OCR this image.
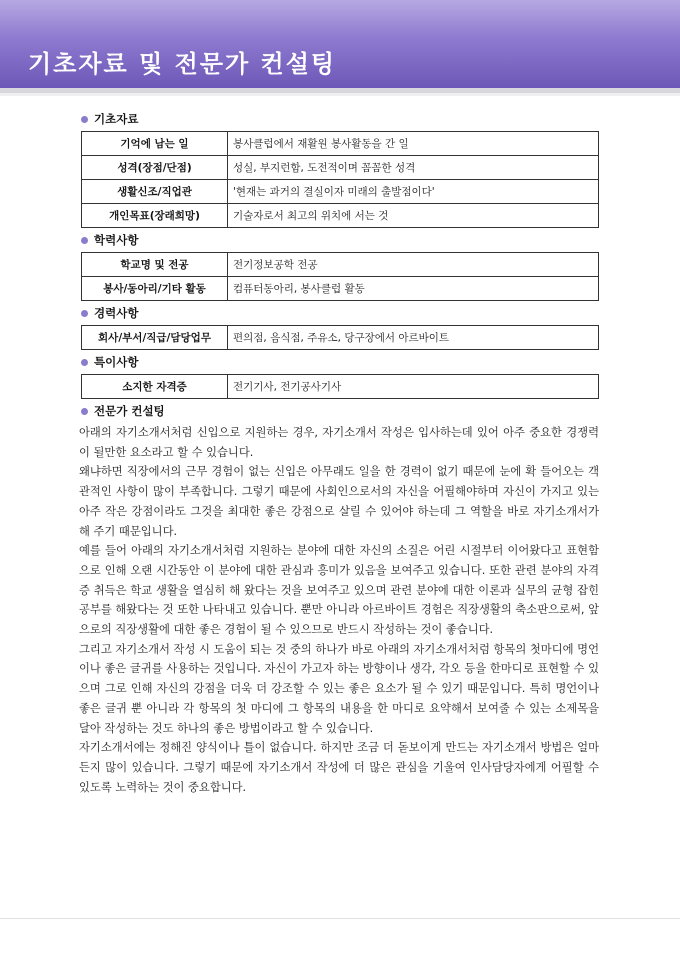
기초자료 및 전문가 컨설팅
기초자료
기억에 남는 일	봉사클럽에서 재활원 봉사활동을 간 일
성격(장점/단점)	성실, 부지런함, 도전적이며 꼼꼼한 성격
생활신조/직업관	'현재는 과거의 결실이자 미래의 출발점이다'
개인목표(장래희망)	기술자로서 최고의 위치에 서는 것
학력사항
학교명 및 전공	전기정보공학 전공
봉사/동아리/기타 활동	컴퓨터동아리, 봉사클럽 활동
경력사항
회사/부서/직급/담당업무	편의점, 음식점, 주유소, 당구장에서 아르바이트
특이사항
소지한 자격증	전기기사, 전기공사기사
전문가 컨설팅

아래의 자기소개서처럼 신입으로 지원하는 경우, 자기소개서 작성은 입사하는데 있어 아주 중요한 경쟁력이 될만한 요소라고 할 수 있습니다.

왜냐하면 직장에서의 근무 경험이 없는 신입은 아무래도 일을 한 경력이 없기 때문에 눈에 확 들어오는 객관적인 사항이 많이 부족합니다. 그렇기 때문에 사회인으로서의 자신을 어필해야하며 자신이 가지고 있는 아주 작은 강점이라도 그것을 최대한 좋은 강점으로 살릴 수 있어야 하는데 그 역할을 바로 자기소개서가 해 주기 때문입니다.

예를 들어 아래의 자기소개서처럼 지원하는 분야에 대한 자신의 소질은 어린 시절부터 이어왔다고 표현함으로 인해 오랜 시간동안 이 분야에 대한 관심과 흥미가 있음을 보여주고 있습니다. 또한 관련 분야의 자격증 취득은 학교 생활을 열심히 해 왔다는 것을 보여주고 있으며 관련 분야에 대한 이론과 실무의 균형 잡힌 공부를 해왔다는 것 또한 나타내고 있습니다. 뿐만 아니라 아르바이트 경험은 직장생활의 축소판으로써, 앞으로의 직장생활에 대한 좋은 경험이 될 수 있으므로 반드시 작성하는 것이 좋습니다.

그리고 자기소개서 작성 시 도움이 되는 것 중의 하나가 바로 아래의 자기소개서처럼 항목의 첫마디에 명언이나 좋은 글귀를 사용하는 것입니다. 자신이 가고자 하는 방향이나 생각, 각오 등을 한마디로 표현할 수 있으며 그로 인해 자신의 강점을 더욱 더 강조할 수 있는 좋은 요소가 될 수 있기 때문입니다. 특히 명언이나 좋은 글귀 뿐 아니라 각 항목의 첫 마디에 그 항목의 내용을 한 마디로 요약해서 보여줄 수 있는 소제목을 달아 작성하는 것도 하나의 좋은 방법이라고 할 수 있습니다.

자기소개서에는 정해진 양식이나 틀이 없습니다. 하지만 조금 더 돋보이게 만드는 자기소개서 방법은 얼마든지 많이 있습니다. 그렇기 때문에 자기소개서 작성에 더 많은 관심을 기울여 인사담당자에게 어필할 수 있도록 노력하는 것이 중요합니다.
